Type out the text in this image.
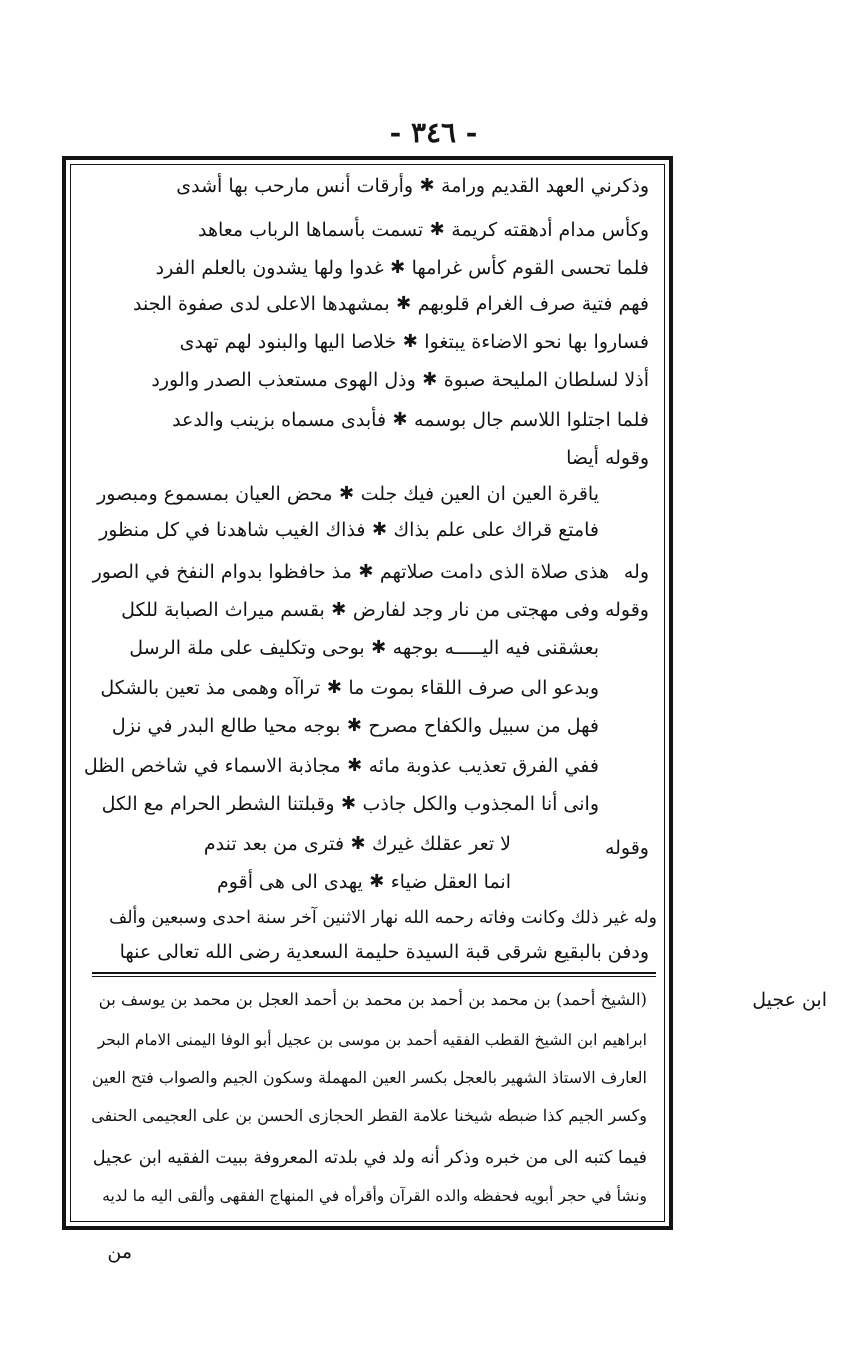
- ٣٤٦ -
وذكرني العهد القديم ورامة
✱
وأرقات أنس مارحب بها أشدى
وكأس مدام أدهقته كريمة
✱
تسمت بأسماها الرباب معاهد
فلما تحسى القوم كأس غرامها
✱
غدوا ولها يشدون بالعلم الفرد
فهم فتية صرف الغرام قلوبهم
✱
بمشهدها الاعلى لدى صفوة الجند
فساروا بها نحو الاضاءة يبتغوا
✱
خلاصا اليها والبنود لهم تهدى
أذلا لسلطان المليحة صبوة
✱
وذل الهوى مستعذب الصدر والورد
فلما اجتلوا اللاسم جال بوسمه
✱
فأبدى مسماه بزينب والدعد
وقوله أيضا
ياقرة العين ان العين فيك جلت
✱
محض العيان بمسموع ومبصور
فامتع قراك على علم بذاك
✱
فذاك الغيب شاهدنا في كل منظور
وله
هذى صلاة الذى دامت صلاتهم
✱
مذ حافظوا بدوام النفخ في الصور
وقوله
وفى مهجتى من نار وجد لفارض
✱
بقسم ميراث الصبابة للكل
بعشقنى فيه اليـــــه بوجهه
✱
بوحى وتكليف على ملة الرسل
وبدعو الى صرف اللقاء بموت ما
✱
تراآه وهمى مذ تعين بالشكل
فهل من سبيل والكفاح مصرح
✱
بوجه محيا طالع البدر في نزل
ففي الفرق تعذيب عذوبة مائه
✱
مجاذبة الاسماء في شاخص الظل
وانى أنا المجذوب والكل جاذب
✱
وقبلتنا الشطر الحرام مع الكل
وقوله
لا تعر عقلك غيرك
✱
فترى من بعد تندم
انما العقل ضياء
✱
يهدى الى هى أقوم
وله غير ذلك وكانت وفاته رحمه الله نهار الاثنين آخر سنة احدى وسبعين وألف
ودفن بالبقيع شرقى قبة السيدة حليمة السعدية رضى الله تعالى عنها
ابن عجيل
(الشيخ أحمد) بن محمد بن أحمد بن محمد بن أحمد العجل بن محمد بن يوسف بن
ابراهيم ابن الشيخ القطب الفقيه أحمد بن موسى بن عجيل أبو الوفا اليمنى الامام البحر
العارف الاستاذ الشهير بالعجل بكسر العين المهملة وسكون الجيم والصواب فتح العين
وكسر الجيم كذا ضبطه شيخنا علامة القطر الحجازى الحسن بن على العجيمى الحنفى
فيما كتبه الى من خبره وذكر أنه ولد في بلدته المعروفة ببيت الفقيه ابن عجيل
ونشأ في حجر أبويه فحفظه والده القرآن وأقرأه في المنهاج الفقهى وألقى اليه ما لديه
من
